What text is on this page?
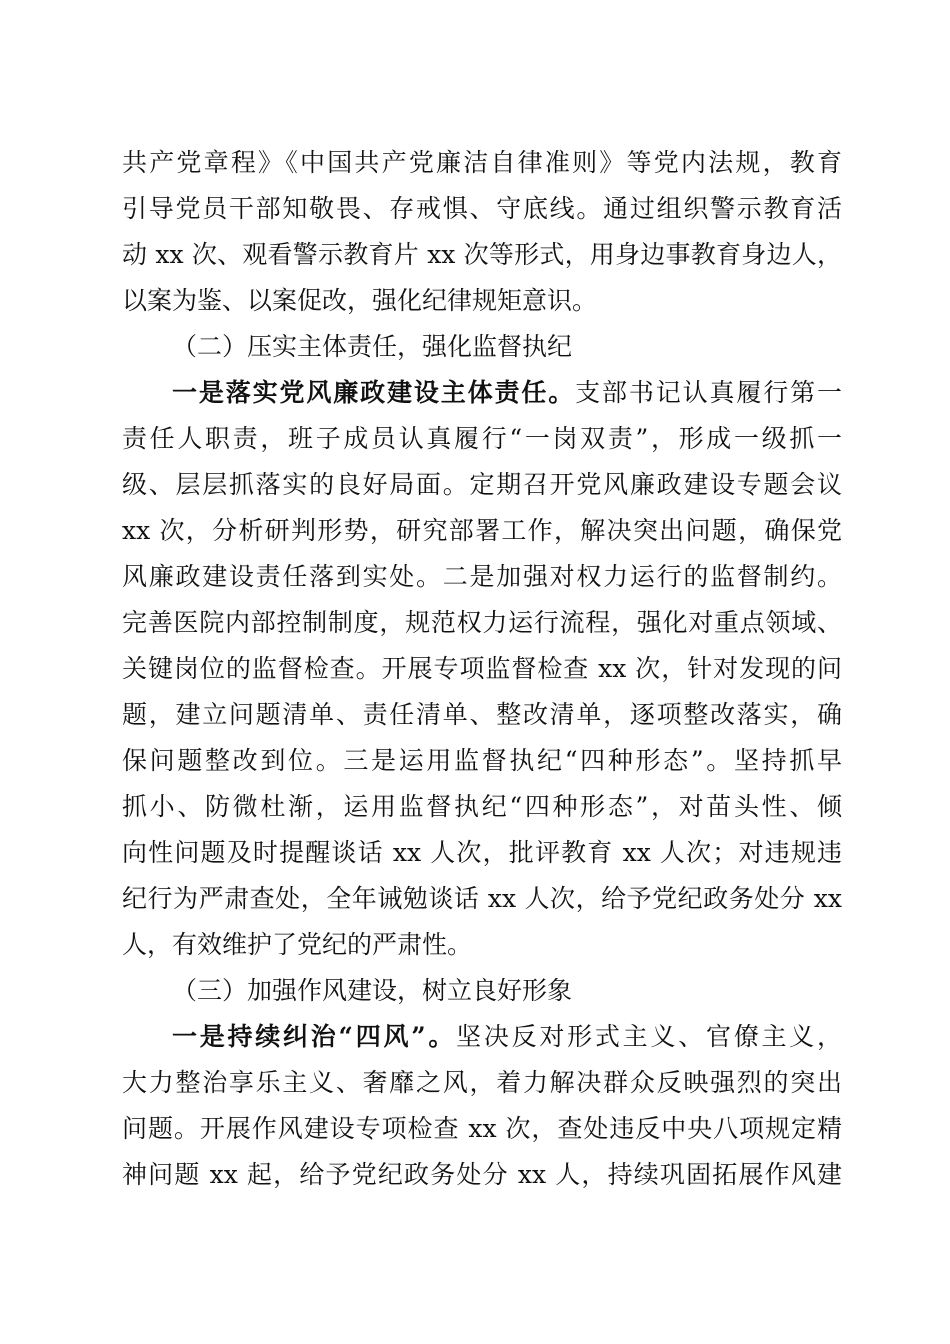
共产党章程》《中国共产党廉洁自律准则》等党内法规，教育
引导党员干部知敬畏、存戒惧、守底线。通过组织警示教育活
动 xx 次、观看警示教育片 xx 次等形式，用身边事教育身边人，
以案为鉴、以案促改，强化纪律规矩意识。
（二）压实主体责任，强化监督执纪
一是落实党风廉政建设主体责任。支部书记认真履行第一
责任人职责，班子成员认真履行“一岗双责”，形成一级抓一
级、层层抓落实的良好局面。定期召开党风廉政建设专题会议
xx 次，分析研判形势，研究部署工作，解决突出问题，确保党
风廉政建设责任落到实处。二是加强对权力运行的监督制约。
完善医院内部控制制度，规范权力运行流程，强化对重点领域、
关键岗位的监督检查。开展专项监督检查 xx 次，针对发现的问
题，建立问题清单、责任清单、整改清单，逐项整改落实，确
保问题整改到位。三是运用监督执纪“四种形态”。坚持抓早
抓小、防微杜渐，运用监督执纪“四种形态”，对苗头性、倾
向性问题及时提醒谈话 xx 人次，批评教育 xx 人次；对违规违
纪行为严肃查处，全年诫勉谈话 xx 人次，给予党纪政务处分 xx
人，有效维护了党纪的严肃性。
（三）加强作风建设，树立良好形象
一是持续纠治“四风”。坚决反对形式主义、官僚主义，
大力整治享乐主义、奢靡之风，着力解决群众反映强烈的突出
问题。开展作风建设专项检查 xx 次，查处违反中央八项规定精
神问题 xx 起，给予党纪政务处分 xx 人，持续巩固拓展作风建
